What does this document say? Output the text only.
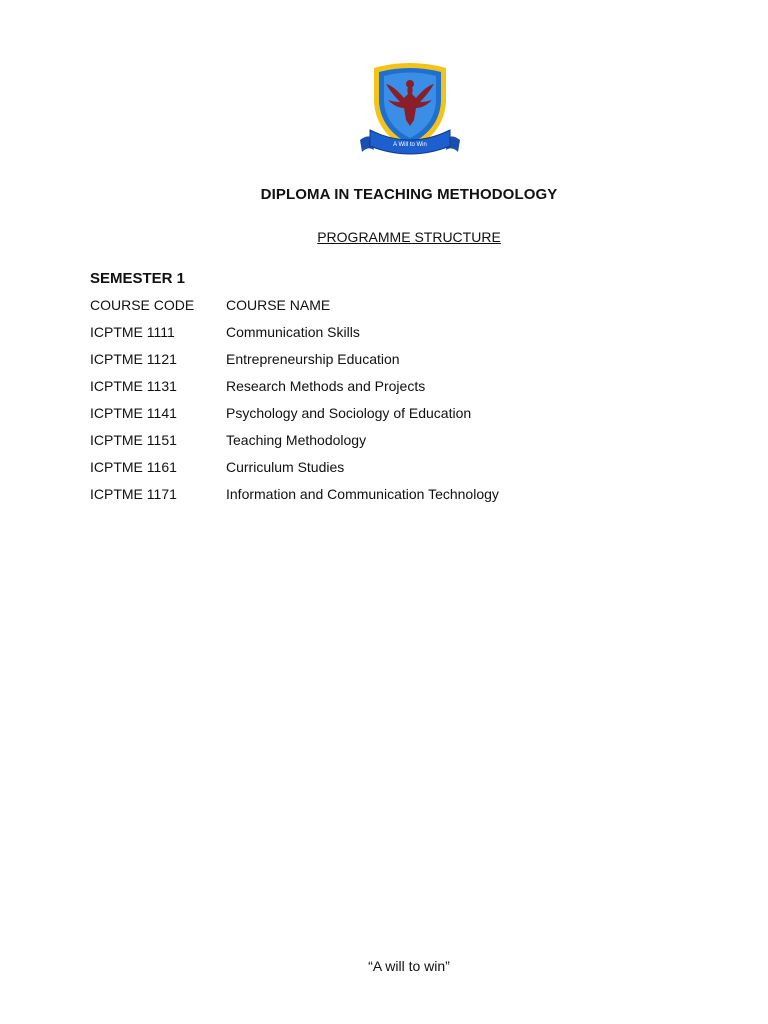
A Will to Win
DIPLOMA IN TEACHING METHODOLOGY
PROGRAMME STRUCTURE
SEMESTER 1
COURSE CODE	COURSE NAME
ICPTME 1111	Communication Skills
ICPTME 1121	Entrepreneurship Education
ICPTME 1131	Research Methods and Projects
ICPTME 1141	Psychology and Sociology of Education
ICPTME 1151	Teaching Methodology
ICPTME 1161	Curriculum Studies
ICPTME 1171	Information and Communication Technology
“A will to win”
